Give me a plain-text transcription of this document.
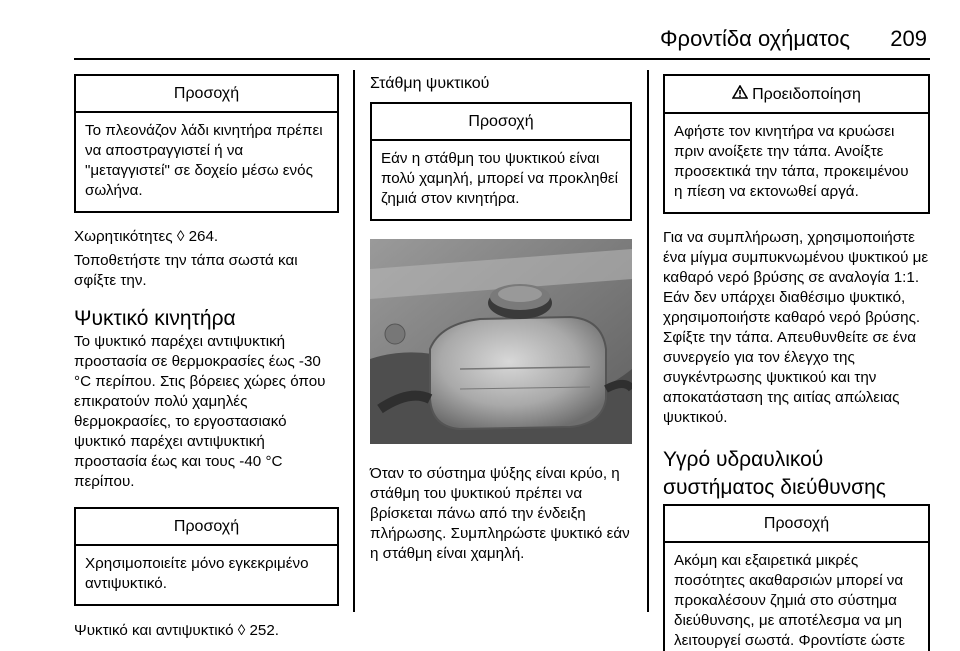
Φροντίδα οχήματος 209
Προσοχή
Το πλεονάζον λάδι κινητήρα πρέπει να αποστραγγιστεί ή να "μεταγγιστεί" σε δοχείο μέσω ενός σωλήνα.

Χωρητικότητες ◊ 264.

Τοποθετήστε την τάπα σωστά και σφίξτε την.

Ψυκτικό κινητήρα

Το ψυκτικό παρέχει αντιψυκτική προστασία σε θερμοκρασίες έως -30 °C περίπου. Στις βόρειες χώρες όπου επικρατούν πολύ χαμηλές θερμοκρασίες, το εργοστασιακό ψυκτικό παρέχει αντιψυκτική προστασία έως και τους -40 °C περίπου.

Προσοχή
Χρησιμοποιείτε μόνο εγκεκριμένο αντιψυκτικό.

Ψυκτικό και αντιψυκτικό ◊ 252.

Στάθμη ψυκτικού
Προσοχή
Εάν η στάθμη του ψυκτικού είναι πολύ χαμηλή, μπορεί να προκληθεί ζημιά στον κινητήρα.

Όταν το σύστημα ψύξης είναι κρύο, η στάθμη του ψυκτικού πρέπει να βρίσκεται πάνω από την ένδειξη πλήρωσης. Συμπληρώστε ψυκτικό εάν η στάθμη είναι χαμηλή.

Προειδοποίηση
Αφήστε τον κινητήρα να κρυώσει πριν ανοίξετε την τάπα. Ανοίξτε προσεκτικά την τάπα, προκειμένου η πίεση να εκτονωθεί αργά.

Για να συμπλήρωση, χρησιμοποιήστε ένα μίγμα συμπυκνωμένου ψυκτικού με καθαρό νερό βρύσης σε αναλογία 1:1. Εάν δεν υπάρχει διαθέσιμο ψυκτικό, χρησιμοποιήστε καθαρό νερό βρύσης. Σφίξτε την τάπα. Απευθυνθείτε σε ένα συνεργείο για τον έλεγχο της συγκέντρωσης ψυκτικού και την αποκατάσταση της αιτίας απώλειας ψυκτικού.

Υγρό υδραυλικού συστήματος διεύθυνσης
Προσοχή
Ακόμη και εξαιρετικά μικρές ποσότητες ακαθαρσιών μπορεί να προκαλέσουν ζημιά στο σύστημα διεύθυνσης, με αποτέλεσμα να μη λειτουργεί σωστά. Φροντίστε ώστε
